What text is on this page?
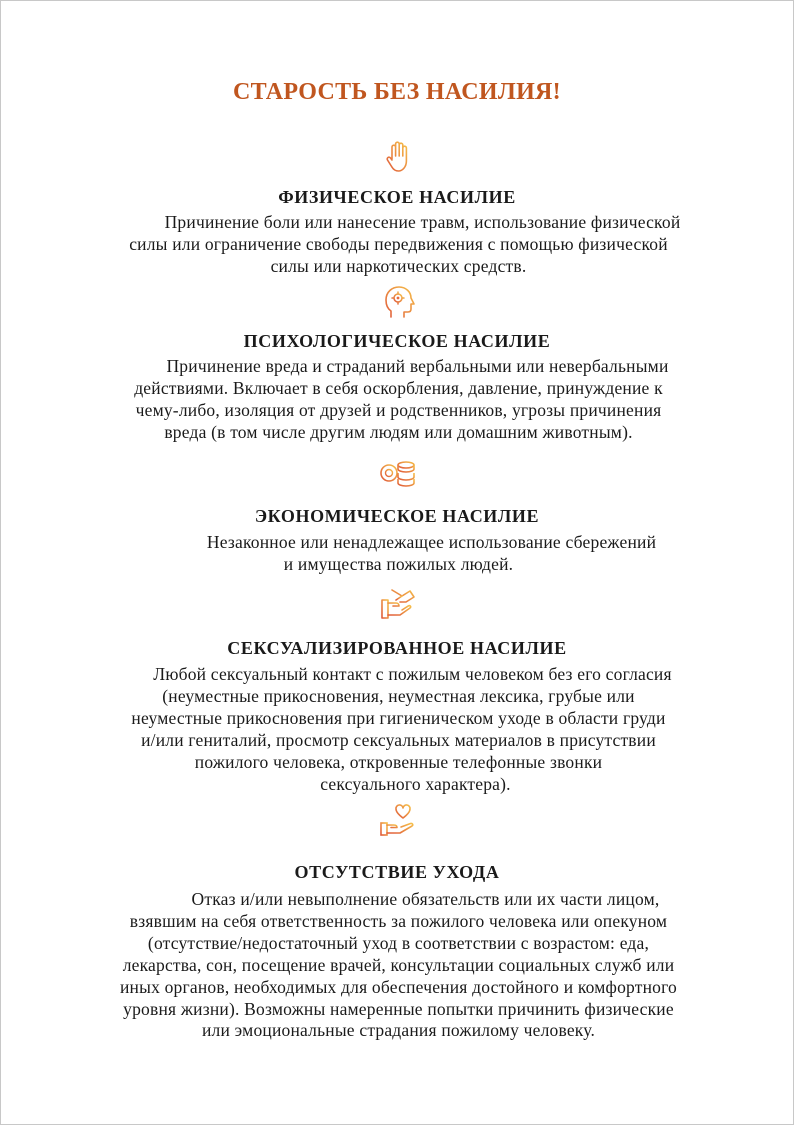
СТАРОСТЬ БЕЗ НАСИЛИЯ!
ФИЗИЧЕСКОЕ НАСИЛИЕ
Причинение боли или нанесение травм, использование физической
силы или ограничение свободы передвижения с помощью физической
силы или наркотических средств.
ПСИХОЛОГИЧЕСКОЕ НАСИЛИЕ
Причинение вреда и страданий вербальными или невербальными
действиями. Включает в себя оскорбления, давление, принуждение к
чему-либо, изоляция от друзей и родственников, угрозы причинения
вреда (в том числе другим людям или домашним животным).
ЭКОНОМИЧЕСКОЕ НАСИЛИЕ
Незаконное или ненадлежащее использование сбережений
и имущества пожилых людей.
СЕКСУАЛИЗИРОВАННОЕ НАСИЛИЕ
Любой сексуальный контакт с пожилым человеком без его согласия
(неуместные прикосновения, неуместная лексика, грубые или
неуместные прикосновения при гигиеническом уходе в области груди
и/или гениталий, просмотр сексуальных материалов в присутствии
пожилого человека, откровенные телефонные звонки
сексуального характера).
ОТСУТСТВИЕ УХОДА
Отказ и/или невыполнение обязательств или их части лицом,
взявшим на себя ответственность за пожилого человека или опекуном
(отсутствие/недостаточный уход в соответствии с возрастом: еда,
лекарства, сон, посещение врачей, консультации социальных служб или
иных органов, необходимых для обеспечения достойного и комфортного
уровня жизни). Возможны намеренные попытки причинить физические
или эмоциональные страдания пожилому человеку.
